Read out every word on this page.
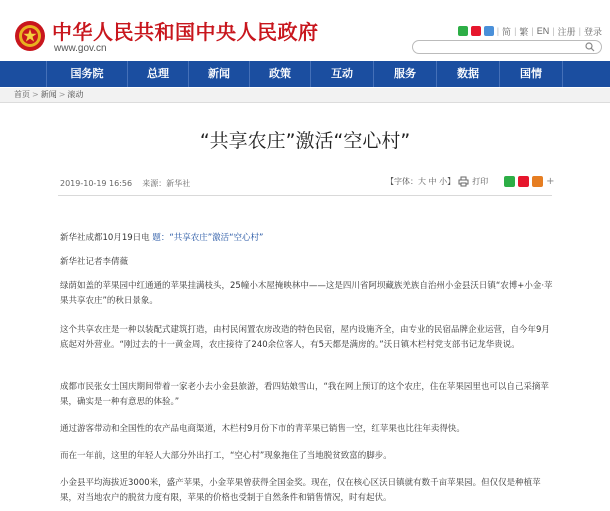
中华人民共和国中央人民政府
www.gov.cn
| 简 | 繁 | EN | 注册 | 登录
国务院	总理	新闻	政策	互动	服务	数据	国情
首页 > 新闻 > 滚动
“共享农庄”激活“空心村”
2019-10-19 16:56 来源：新华社	【字体：大 中 小】 打印	+
新华社成都10月19日电 题：“共享农庄”激活“空心村”
新华社记者李倩薇
绿荫如盖的苹果园中红通通的苹果挂满枝头，25幢小木屋掩映林中——这是四川省阿坝藏族羌族自治州小金县沃日镇“农博+小金·苹果共享农庄”的秋日景象。
这个共享农庄是一种以装配式建筑打造，由村民闲置农房改造的特色民宿，屋内设施齐全，由专业的民宿品牌企业运营，自今年9月底起对外营业。“刚过去的十一黄金周，农庄接待了240余位客人，有5天都是满房的。”沃日镇木栏村党支部书记龙华贵说。
成都市民张女士国庆期间带着一家老小去小金县旅游，看四姑娘雪山，“我在网上预订的这个农庄，住在苹果园里也可以自己采摘苹果，确实是一种有意思的体验。”
通过游客带动和全国性的农产品电商渠道，木栏村9月份下市的青苹果已销售一空，红苹果也比往年卖得快。
而在一年前，这里的年轻人大部分外出打工，“空心村”现象拖住了当地脱贫致富的脚步。
小金县平均海拔近3000米，盛产苹果，小金苹果曾获得全国金奖。现在，仅在核心区沃日镇就有数千亩苹果园。但仅仅是种植苹果，对当地农户的脱贫力度有限，苹果的价格也受制于自然条件和销售情况，时有起伏。
